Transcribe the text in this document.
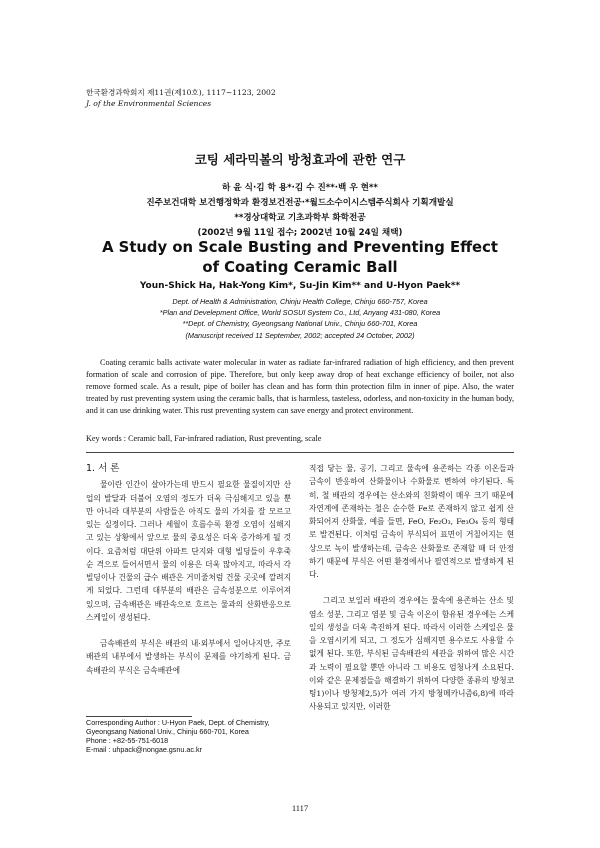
한국환경과학회지 제11권(제10호), 1117~1123, 2002
J. of the Environmental Sciences
코팅 세라믹볼의 방청효과에 관한 연구
하 윤 식·김 학 용*·김 수 진**·백 우 현**
진주보건대학 보건행정학과 환경보건전공·*월드소수이시스템주식회사 기획개발실
**경상대학교 기초과학부 화학전공
(2002년 9월 11일 접수; 2002년 10월 24일 채택)
A Study on Scale Busting and Preventing Effect
of Coating Ceramic Ball
Youn-Shick Ha, Hak-Yong Kim*, Su-Jin Kim** and U-Hyon Paek**
Dept. of Health & Administration, Chinju Health College, Chinju 660-757, Korea
*Plan and Develepment Office, World SOSUI System Co., Ltd, Anyang 431-080, Korea
**Dept. of Chemistry, Gyeongsang National Univ., Chinju 660-701, Korea
(Manuscript received 11 September, 2002; accepted 24 October, 2002)
Coating ceramic balls activate water molecular in water as radiate far-infrared radiation of high efficiency, and then prevent formation of scale and corrosion of pipe. Therefore, but only keep away drop of heat exchange efficiency of boiler, not also remove formed scale. As a result, pipe of boiler has clean and has form thin protection film in inner of pipe. Also, the water treated by rust preventing system using the ceramic balls, that is harmless, tasteless, odorless, and non-toxicity in the human body, and it can use drinking water. This rust preventing system can save energy and protect environment.
Key words : Ceramic ball, Far-infrared radiation, Rust preventing, scale
1. 서 론

물이란 인간이 살아가는데 반드시 필요한 물질이지만 산업의 발달과 더불어 오염의 정도가 더욱 극심해지고 있을 뿐만 아니라 대부분의 사람들은 아직도 물의 가치를 잘 모르고 있는 실정이다. 그러나 세월이 흐를수록 환경 오염이 심해지고 있는 상황에서 앞으로 물의 중요성은 더욱 증가하게 될 것이다. 요즘처럼 대단위 아파트 단지와 대형 빌딩들이 우후죽순 격으로 들어서면서 물의 이용은 더욱 많아지고, 따라서 각 빌딩이나 건물의 급수 배관은 거미줄처럼 건물 곳곳에 깔려지게 되었다. 그런데 대부분의 배관은 금속성분으로 이루어져 있으며, 금속배관은 배관속으로 흐르는 물과의 산화반응으로 스케일이 생성된다.

금속배관의 부식은 배관의 내·외부에서 일어나지만, 주로 배관의 내부에서 발생하는 부식이 문제를 야기하게 된다. 금속배관의 부식은 금속배관에

직접 닿는 물, 공기, 그리고 물속에 용존하는 각종 이온들과 금속이 반응하여 산화물이나 수화물로 변하여 야기된다. 특히, 철 배관의 경우에는 산소와의 친화력이 매우 크기 때문에 자연계에 존재하는 철은 순수한 Fe로 존재하지 않고 쉽게 산화되어져 산화물, 예를 들면, FeO, Fe₂O₃, Fe₃O₄ 등의 형태로 발견된다. 이처럼 금속이 부식되어 표면이 거칠어지는 현상으로 녹이 발생하는데, 금속은 산화물로 존재할 때 더 안정하기 때문에 부식은 어떤 환경에서나 필연적으로 발생하게 된다.

그리고 보일러 배관의 경우에는 물속에 용존하는 산소 및 염소 성분, 그리고 염분 및 금속 이온이 함유된 경우에는 스케일의 생성을 더욱 촉진하게 된다. 따라서 이러한 스케일은 물을 오염시키게 되고, 그 정도가 심해지면 용수로도 사용할 수 없게 된다. 또한, 부식된 금속배관의 세관을 위하여 많은 시간과 노력이 필요할 뿐만 아니라 그 비용도 엄청나게 소요된다. 이와 같은 문제점들을 해결하기 위하여 다양한 종류의 방청코팅1)이나 방청제2,5)가 여러 가지 방청메카니즘6,8)에 따라 사용되고 있지만, 이러한

Corresponding Author : U-Hyon Paek, Dept. of Chemistry,
Gyeongsang National Univ., Chinju 660-701, Korea
Phone : +82-55-751-6018
E-mail : uhpack@nongae.gsnu.ac.kr
1117
